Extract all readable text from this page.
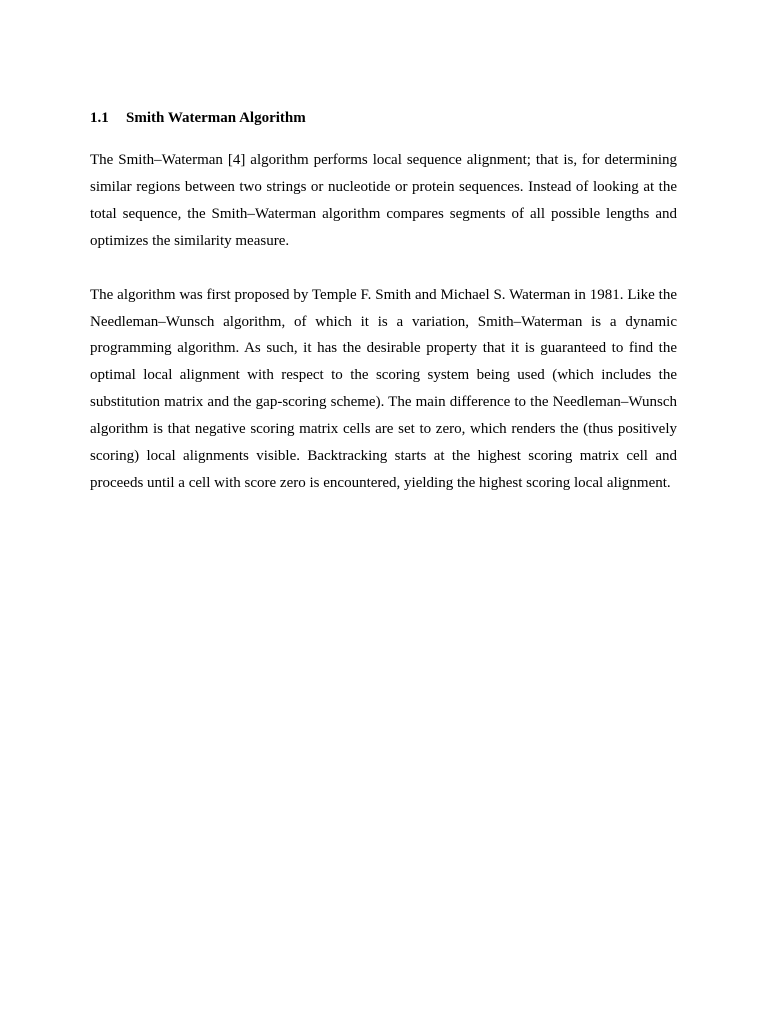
1.1	Smith Waterman Algorithm

The Smith–Waterman [4] algorithm performs local sequence alignment; that is, for determining similar regions between two strings or nucleotide or protein sequences. Instead of looking at the total sequence, the Smith–Waterman algorithm compares segments of all possible lengths and optimizes the similarity measure.

The algorithm was first proposed by Temple F. Smith and Michael S. Waterman in 1981. Like the Needleman–Wunsch algorithm, of which it is a variation, Smith–Waterman is a dynamic programming algorithm. As such, it has the desirable property that it is guaranteed to find the optimal local alignment with respect to the scoring system being used (which includes the substitution matrix and the gap-scoring scheme). The main difference to the Needleman–Wunsch algorithm is that negative scoring matrix cells are set to zero, which renders the (thus positively scoring) local alignments visible. Backtracking starts at the highest scoring matrix cell and proceeds until a cell with score zero is encountered, yielding the highest scoring local alignment.
